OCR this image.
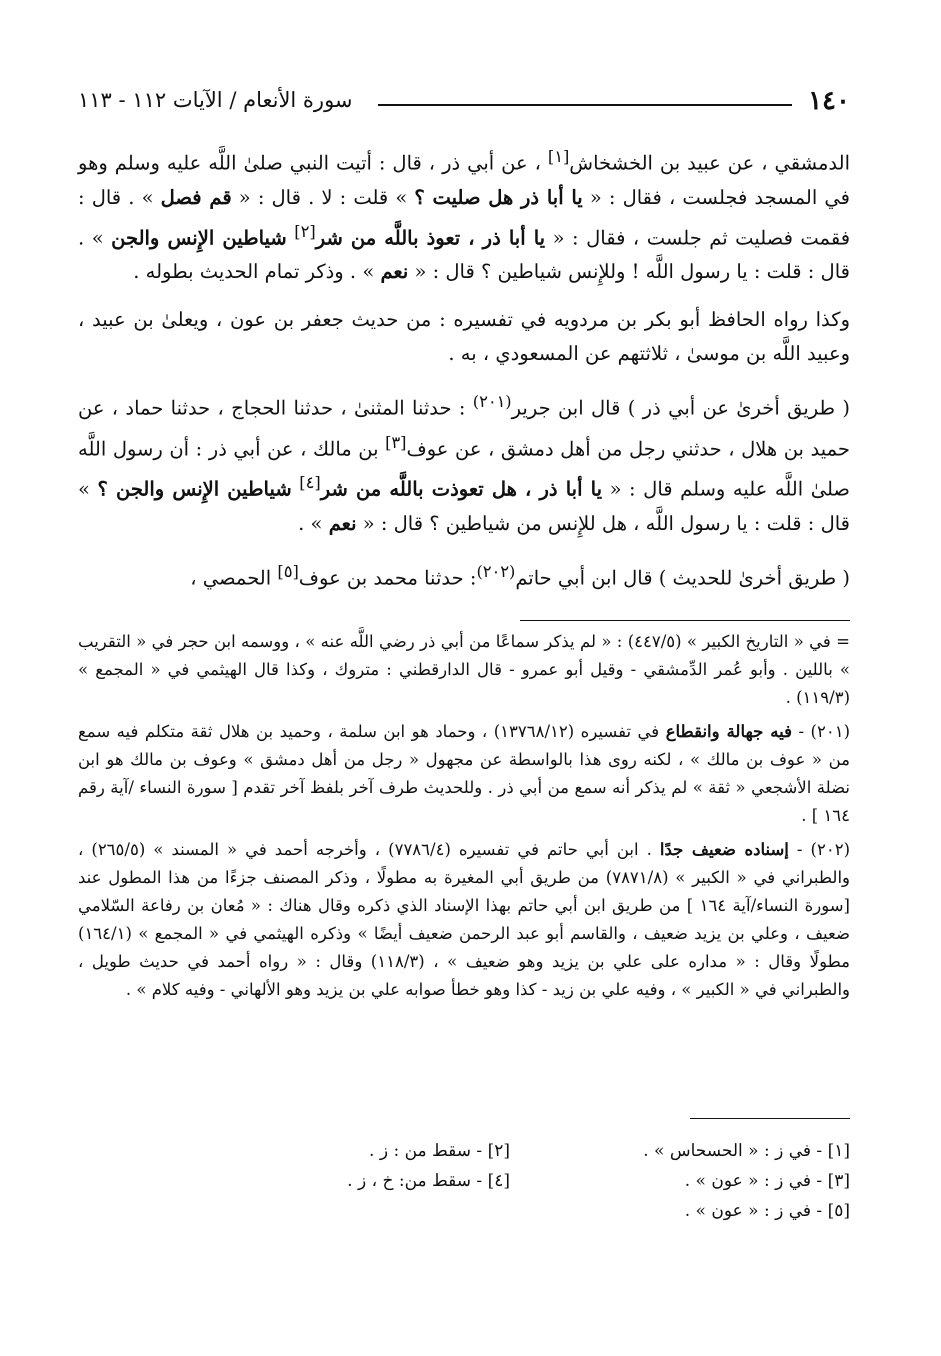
١٤٠
سورة الأنعام / الآيات ١١٢ - ١١٣

الدمشقي ، عن عبيد بن الخشخاش[١] ، عن أبي ذر ، قال : أتيت النبي صلىٰ اللَّه عليه وسلم وهو في المسجد فجلست ، فقال : « يا أبا ذر هل صليت ؟ » قلت : لا . قال : « قم فصل » . قال : فقمت فصليت ثم جلست ، فقال : « يا أبا ذر ، تعوذ باللَّه من شر[٢] شياطين الإِنس والجن » . قال : قلت : يا رسول اللَّه ! وللإِنس شياطين ؟ قال : « نعم » . وذكر تمام الحديث بطوله .

وكذا رواه الحافظ أبو بكر بن مردويه في تفسيره : من حديث جعفر بن عون ، ويعلىٰ بن عبيد ، وعبيد اللَّه بن موسىٰ ، ثلاثتهم عن المسعودي ، به .

( طريق أخرىٰ عن أبي ذر ) قال ابن جرير$^{(٢٠١)}$ : حدثنا المثنىٰ ، حدثنا الحجاج ، حدثنا حماد ، عن حميد بن هلال ، حدثني رجل من أهل دمشق ، عن عوف[٣] بن مالك ، عن أبي ذر : أن رسول اللَّه صلىٰ اللَّه عليه وسلم قال : « يا أبا ذر ، هل تعوذت باللَّه من شر[٤] شياطين الإِنس والجن ؟ » قال : قلت : يا رسول اللَّه ، هل للإِنس من شياطين ؟ قال : « نعم » .

( طريق أخرىٰ للحديث ) قال ابن أبي حاتم$^{(٢٠٢)}$: حدثنا محمد بن عوف[٥] الحمصي ،

= في « التاريخ الكبير » (٤٤٧/٥) : « لم يذكر سماعًا من أبي ذر رضي اللَّه عنه » ، ووسمه ابن حجر في « التقريب » باللين . وأبو عُمر الدِّمشقي - وقيل أبو عمرو - قال الدارقطني : متروك ، وكذا قال الهيثمي في « المجمع » (١١٩/٣) .

(٢٠١) - فيه جهالة وانقطاع في تفسيره (١٣٧٦٨/١٢) ، وحماد هو ابن سلمة ، وحميد بن هلال ثقة متكلم فيه سمع من « عوف بن مالك » ، لكنه روى هذا بالواسطة عن مجهول « رجل من أهل دمشق » وعوف بن مالك هو ابن نضلة الأشجعي « ثقة » لم يذكر أنه سمع من أبي ذر . وللحديث طرف آخر بلفظ آخر تقدم [ سورة النساء /آية رقم ١٦٤ ] .

(٢٠٢) - إسناده ضعيف جدًا . ابن أبي حاتم في تفسيره (٧٧٨٦/٤) ، وأخرجه أحمد في « المسند » (٢٦٥/٥) ، والطبراني في « الكبير » (٧٨٧١/٨) من طريق أبي المغيرة به مطولًا ، وذكر المصنف جزءًا من هذا المطول عند [سورة النساء/آية ١٦٤ ] من طريق ابن أبي حاتم بهذا الإسناد الذي ذكره وقال هناك : « مُعان بن رفاعة السّلامي ضعيف ، وعلي بن يزيد ضعيف ، والقاسم أبو عبد الرحمن ضعيف أيضًا » وذكره الهيثمي في « المجمع » (١٦٤/١) مطولًا وقال : « مداره على علي بن يزيد وهو ضعيف » ، (١١٨/٣) وقال : « رواه أحمد في حديث طويل ، والطبراني في « الكبير » ، وفيه علي بن زيد - كذا وهو خطأ صوابه علي بن يزيد وهو الألهاني - وفيه كلام » .

[١] - في ز : « الحسحاس » .
[٢] - سقط من : ز .
[٣] - في ز : « عون » .
[٤] - سقط من: خ ، ز .
[٥] - في ز : « عون » .
